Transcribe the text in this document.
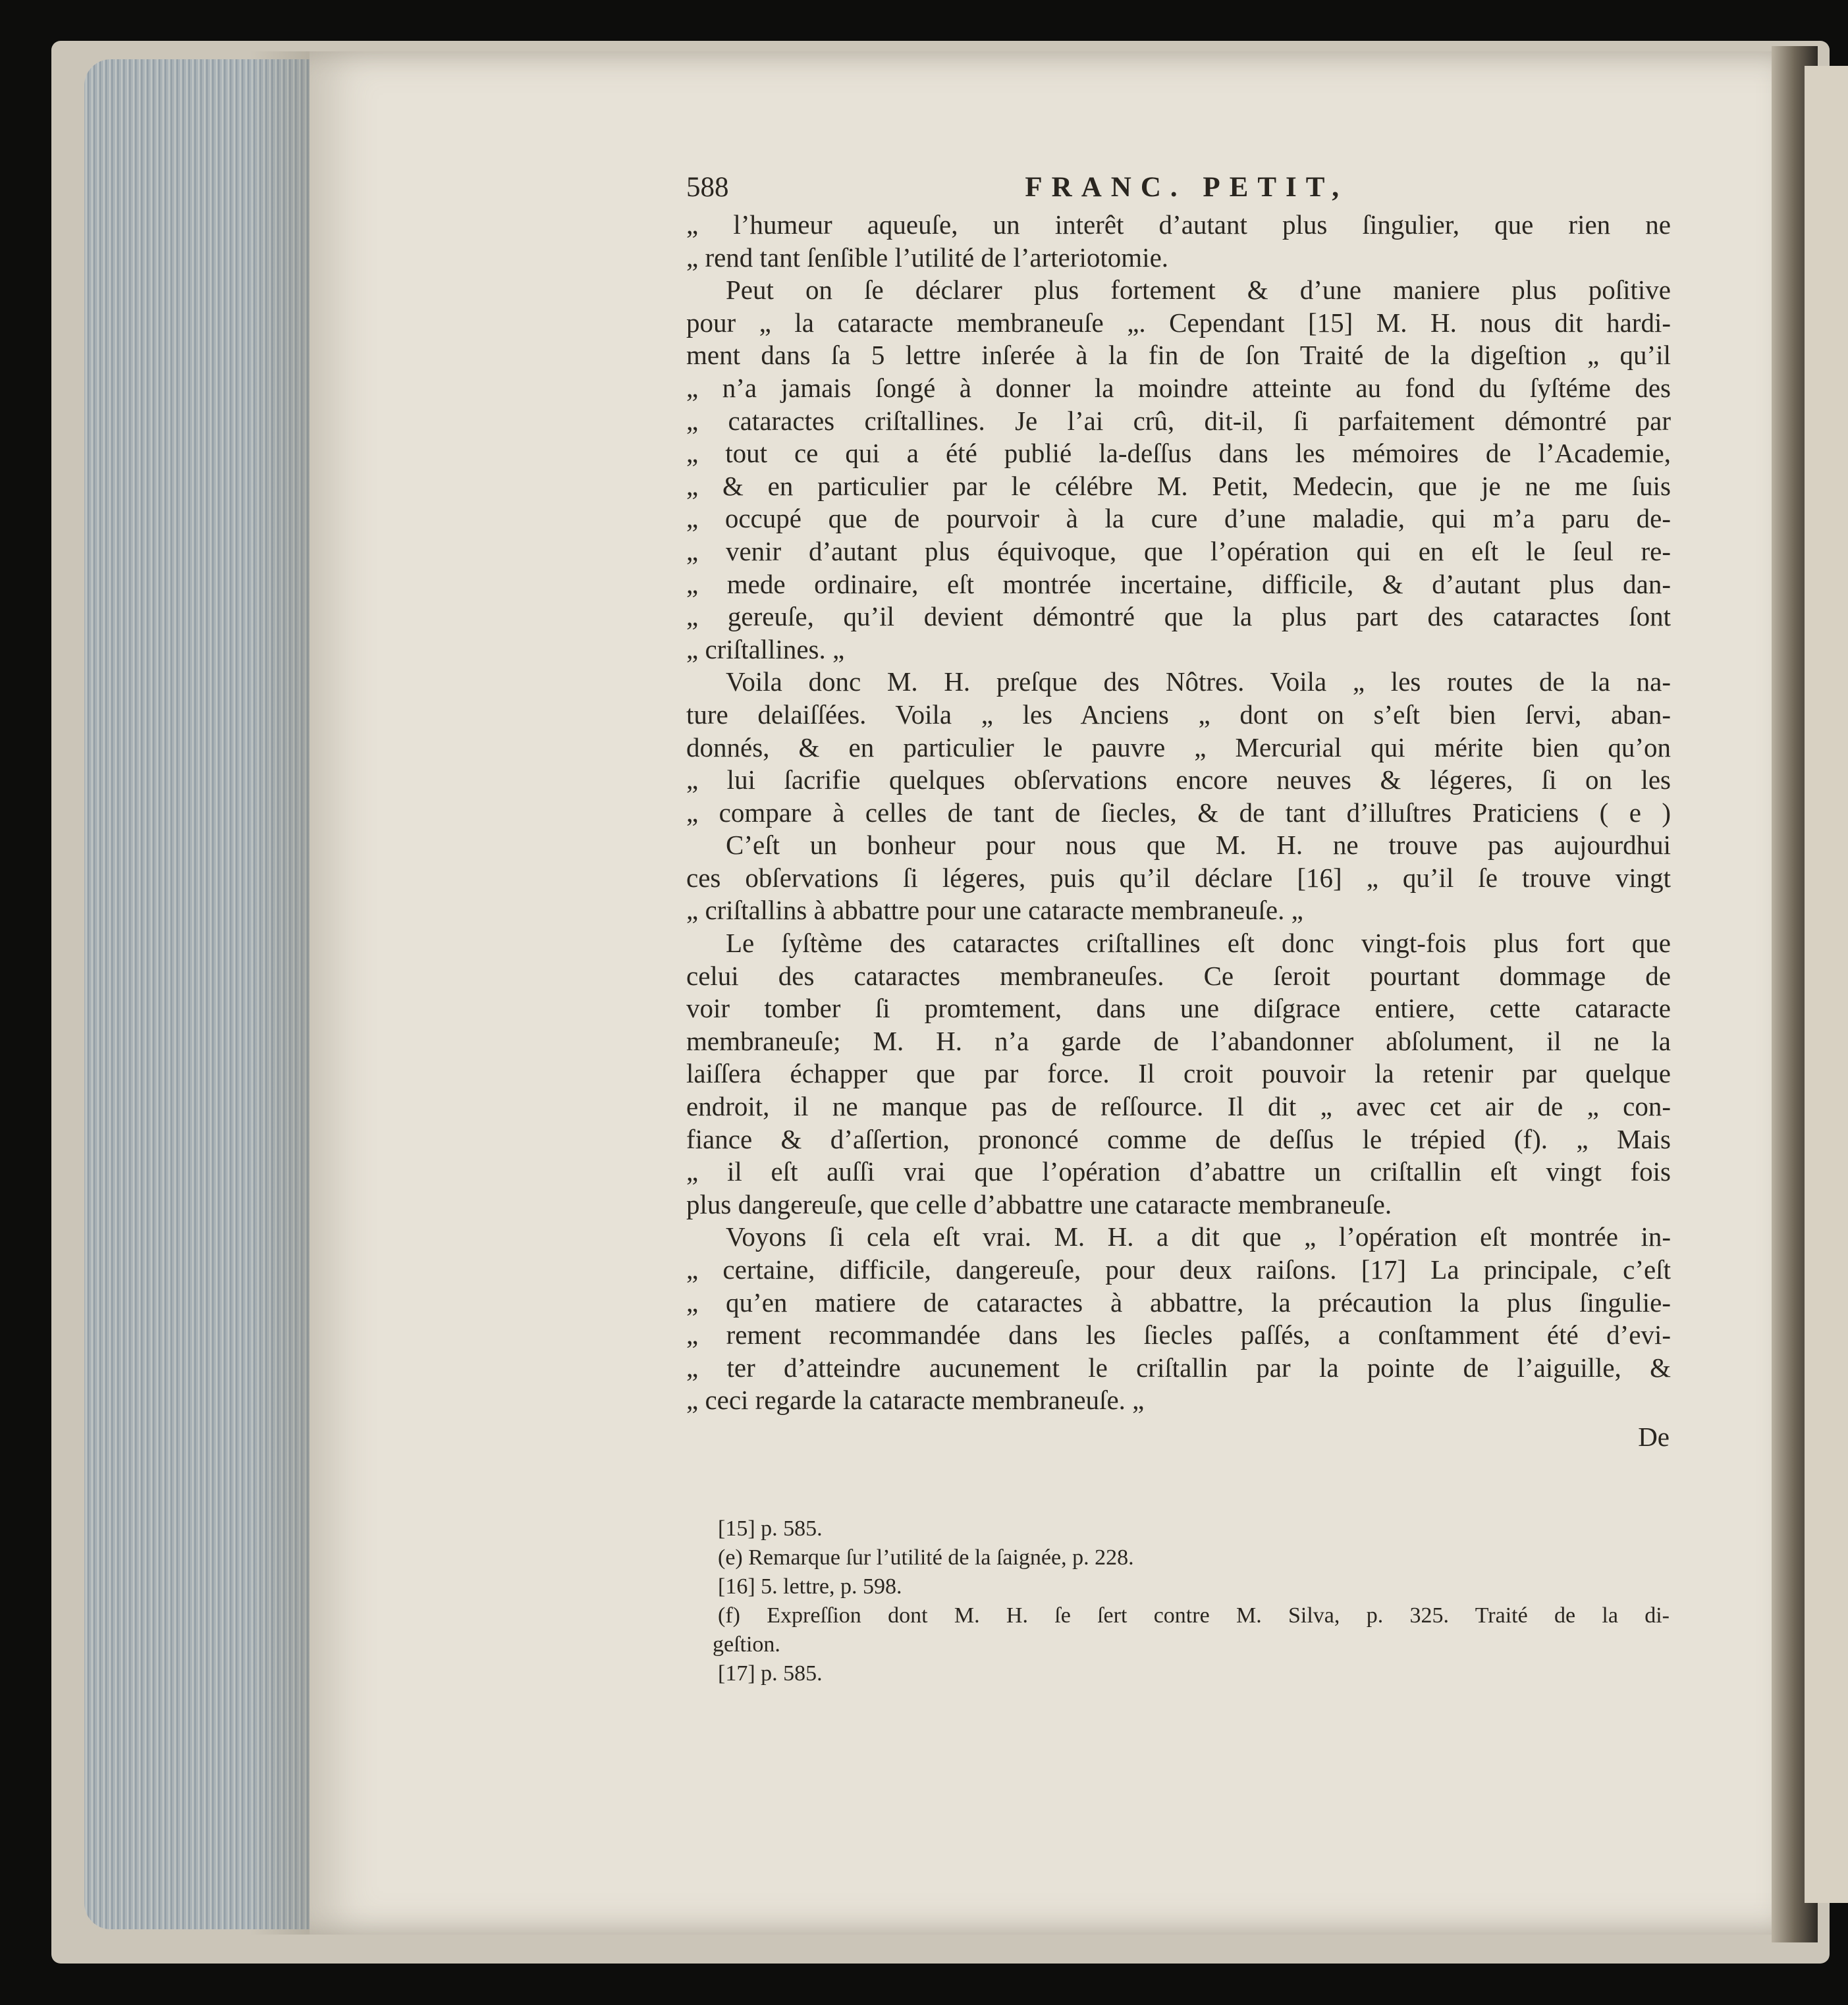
588	FRANC. PETIT,
„ l’humeur aqueuſe, un interêt d’autant plus ſingulier, que rien ne
„ rend tant ſenſible l’utilité de l’arteriotomie.
Peut on ſe déclarer plus fortement & d’une maniere plus poſitive
pour „ la cataracte membraneuſe „. Cependant [15] M. H. nous dit hardi-
ment dans ſa 5 lettre inſerée à la fin de ſon Traité de la digeſtion „ qu’il
„ n’a jamais ſongé à donner la moindre atteinte au fond du ſyſtéme des
„ cataractes criſtallines. Je l’ai crû, dit-il, ſi parfaitement démontré par
„ tout ce qui a été publié la-deſſus dans les mémoires de l’Academie,
„ & en particulier par le célébre M. Petit, Medecin, que je ne me ſuis
„ occupé que de pourvoir à la cure d’une maladie, qui m’a paru de-
„ venir d’autant plus équivoque, que l’opération qui en eſt le ſeul re-
„ mede ordinaire, eſt montrée incertaine, difficile, & d’autant plus dan-
„ gereuſe, qu’il devient démontré que la plus part des cataractes ſont
„ criſtallines. „
Voila donc M. H. preſque des Nôtres. Voila „ les routes de la na-
ture delaiſſées. Voila „ les Anciens „ dont on s’eſt bien ſervi, aban-
donnés, & en particulier le pauvre „ Mercurial qui mérite bien qu’on
„ lui ſacrifie quelques obſervations encore neuves & légeres, ſi on les
„ compare à celles de tant de ſiecles, & de tant d’illuſtres Praticiens ( e )
C’eſt un bonheur pour nous que M. H. ne trouve pas aujourdhui
ces obſervations ſi légeres, puis qu’il déclare [16] „ qu’il ſe trouve vingt
„ criſtallins à abbattre pour une cataracte membraneuſe. „
Le ſyſtème des cataractes criſtallines eſt donc vingt-fois plus fort que
celui des cataractes membraneuſes. Ce ſeroit pourtant dommage de
voir tomber ſi promtement, dans une diſgrace entiere, cette cataracte
membraneuſe; M. H. n’a garde de l’abandonner abſolument, il ne la
laiſſera échapper que par force. Il croit pouvoir la retenir par quelque
endroit, il ne manque pas de reſſource. Il dit „ avec cet air de „ con-
fiance & d’aſſertion, prononcé comme de deſſus le trépied (f). „ Mais
„ il eſt auſſi vrai que l’opération d’abattre un criſtallin eſt vingt fois
plus dangereuſe, que celle d’abbattre une cataracte membraneuſe.
Voyons ſi cela eſt vrai. M. H. a dit que „ l’opération eſt montrée in-
„ certaine, difficile, dangereuſe, pour deux raiſons. [17] La principale, c’eſt
„ qu’en matiere de cataractes à abbattre, la précaution la plus ſingulie-
„ rement recommandée dans les ſiecles paſſés, a conſtamment été d’evi-
„ ter d’atteindre aucunement le criſtallin par la pointe de l’aiguille, &
„ ceci regarde la cataracte membraneuſe. „
De
[15] p. 585.
(e) Remarque ſur l’utilité de la ſaignée, p. 228.
[16] 5. lettre, p. 598.
(f) Expreſſion dont M. H. ſe ſert contre M. Silva, p. 325. Traité de la di-
geſtion.
[17] p. 585.
